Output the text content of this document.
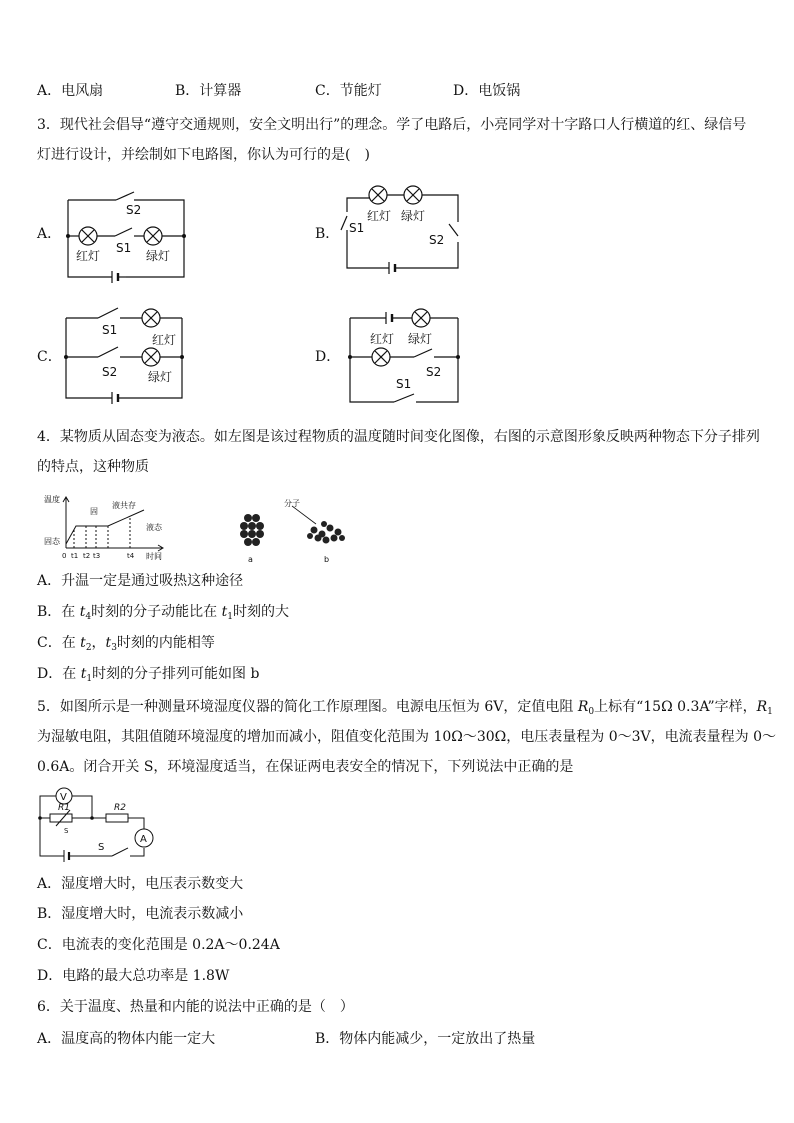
A．电风扇	B．计算器	C．节能灯	D．电饭锅
3．现代社会倡导“遵守交通规则，安全文明出行”的理念。学了电路后，小亮同学对十字路口人行横道的红、绿信号
灯进行设计，并绘制如下电路图，你认为可行的是(　)
A．	B．
C．	D．
S2
S1
红灯	绿灯
S1
S2
红灯 绿灯
S1
S2
红灯
绿灯
红灯 绿灯
S2
S1
4．某物质从固态变为液态。如左图是该过程物质的温度随时间变化图像，右图的示意图形象反映两种物态下分子排列
的特点，这种物质
温度
时间
固态
固
液共存
液态
0 t1 t2 t3	t4
分子
a	b
A．升温一定是通过吸热这种途径
B．在 $t_4$时刻的分子动能比在 $t_1$时刻的大
C．在 $t_2$，$t_3$时刻的内能相等
D．在 $t_1$时刻的分子排列可能如图 b
5．如图所示是一种测量环境湿度仪器的简化工作原理图。电源电压恒为 6V，定值电阻 $R_0$上标有“15Ω 0.3A”字样，$R_1$
为湿敏电阻，其阻值随环境湿度的增加而减小，阻值变化范围为 10Ω～30Ω，电压表量程为 0～3V，电流表量程为 0～
0.6A。闭合开关 S，环境湿度适当，在保证两电表安全的情况下，下列说法中正确的是
V
A
R1	R2
S
S
A．湿度增大时，电压表示数变大
B．湿度增大时，电流表示数减小
C．电流表的变化范围是 0.2A～0.24A
D．电路的最大总功率是 1.8W
6．关于温度、热量和内能的说法中正确的是（　）
A．温度高的物体内能一定大	B．物体内能减少，一定放出了热量
